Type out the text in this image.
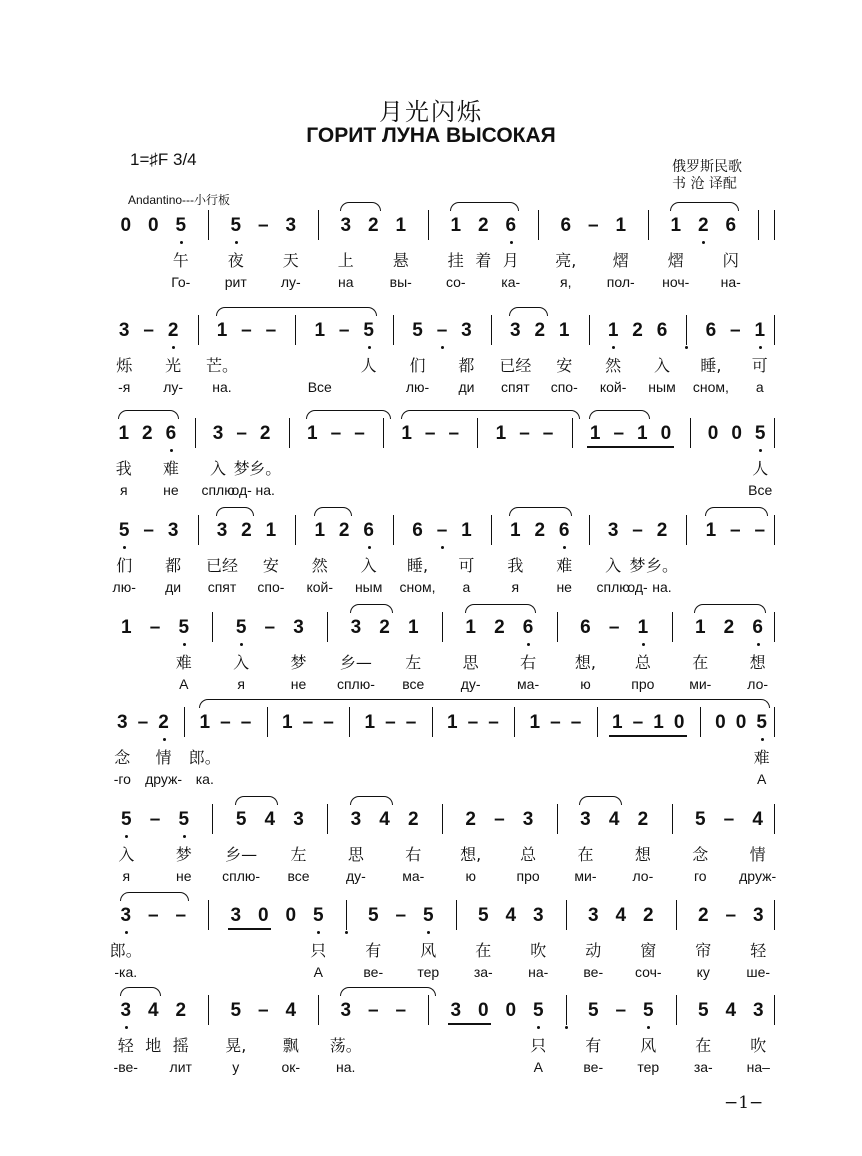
月光闪烁
ГОРИТ ЛУНА ВЫСОКАЯ
1=♯F 3/4	俄罗斯民歌
书 沧 译配
Andantino---小行板
0 0 5	5 – 3	3 2 1	1 2 6	6 – 1	1 2 6
午	夜	天	上	悬	挂 着 月	亮,	熠	熠	闪
Го-	рит	лу-	на	вы-	со-	ка-	я,	пол-	ноч-	на-
3 – 2	1 – –	1 – 5	5 – 3	3 2 1	1 2 6	6 – 1
烁	光	芒。	人	们	都	已经	安	然	入	睡,	可
-я	лу-	на.	Все	лю-	ди	спят	спо-	кой-	ным	сном,	а
1 2 6	3 – 2	1 – –	1 – –	1 – –	1 – 1 0	0 0 5
我	难	入 梦 乡。	人
я	не	сплю
од- на.	Все
5 – 3	3 2 1	1 2 6	6 – 1	1 2 6	3 – 2	1 – –
们	都	已经	安	然	入	睡,	可	我	难	入 梦 乡。
лю-	ди	спят	спо-	кой-	ным	сном,	а	я	не	сплю
од- на.
1 – 5	5 – 3	3 2 1	1 2 6	6 – 1	1 2 6
难	入	梦	乡—	左	思	右	想,	总	在	想
А	я	не	сплю-	все	ду-	ма-	ю	про	ми-	ло-
3 – 2	1 – –	1 – –	1 – –	1 – –	1 – –	1 – 1 0	0 0 5
念	情	郎。	难
-го	друж- ка.	А
5 – 5	5 4 3	3 4 2	2 – 3	3 4 2	5 – 4
入	梦	乡—	左	思	右	想,	总	在	想	念	情
я	не	сплю-	все	ду-	ма-	ю	про	ми-	ло-	го	друж-
3 – –	3 0 0 5	5 – 5	5 4 3	3 4 2	2 – 3
郎。	只	有	风	在	吹	动	窗	帘	轻
-ка.	А	ве-	тер	за-	на-	ве-	соч-	ку	ше-
3 4 2	5 – 4	3 – –	3 0 0 5	5 – 5	5 4 3
轻 地 摇	晃,	飘	荡。	只	有	风	在	吹
-ве-	лит	у	ок-	на.	А	ве-	тер	за-	на–
−1−
